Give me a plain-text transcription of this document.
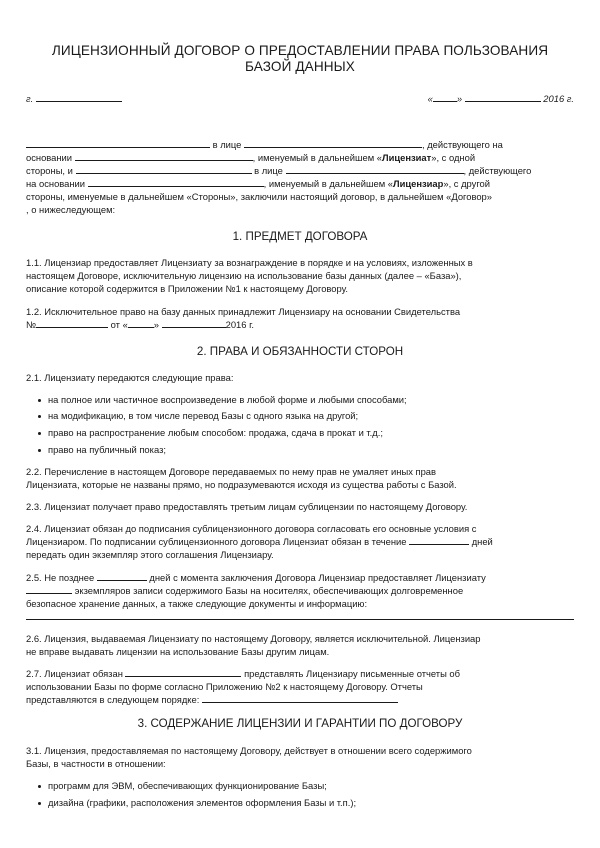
ЛИЦЕНЗИОННЫЙ ДОГОВОР О ПРЕДОСТАВЛЕНИИ ПРАВА ПОЛЬЗОВАНИЯ
БАЗОЙ ДАННЫХ
г.	«	»	2016 г.
в лице	, действующего на
основании	, именуемый в дальнейшем «Лицензиат», с одной
стороны, и	в лице	, действующего
на основании	, именуемый в дальнейшем «Лицензиар», с другой
стороны, именуемые в дальнейшем «Стороны», заключили настоящий договор, в дальнейшем «Договор»
, о нижеследующем:
1. ПРЕДМЕТ ДОГОВОРА
1.1. Лицензиар предоставляет Лицензиату за вознаграждение в порядке и на условиях, изложенных в
настоящем Договоре, исключительную лицензию на использование базы данных (далее – «База»),
описание которой содержится в Приложении №1 к настоящему Договору.
1.2. Исключительное право на базу данных принадлежит Лицензиару на основании Свидетельства
№	от «	»	2016 г.
2. ПРАВА И ОБЯЗАННОСТИ СТОРОН
2.1. Лицензиату передаются следующие права:
на полное или частичное воспроизведение в любой форме и любыми способами;
на модификацию, в том числе перевод Базы с одного языка на другой;
право на распространение любым способом: продажа, сдача в прокат и т.д.;
право на публичный показ;
2.2. Перечисление в настоящем Договоре передаваемых по нему прав не умаляет иных прав
Лицензиата, которые не названы прямо, но подразумеваются исходя из существа работы с Базой.
2.3. Лицензиат получает право предоставлять третьим лицам сублицензии по настоящему Договору.
2.4. Лицензиат обязан до подписания сублицензионного договора согласовать его основные условия с
Лицензиаром. По подписании сублицензионного договора Лицензиат обязан в течение	дней
передать один экземпляр этого соглашения Лицензиару.
2.5. Не позднее	дней с момента заключения Договора Лицензиар предоставляет Лицензиату
экземпляров записи содержимого Базы на носителях, обеспечивающих долговременное
безопасное хранение данных, а также следующие документы и информацию:
2.6. Лицензия, выдаваемая Лицензиату по настоящему Договору, является исключительной. Лицензиар
не вправе выдавать лицензии на использование Базы другим лицам.
2.7. Лицензиат обязан	представлять Лицензиару письменные отчеты об
использовании Базы по форме согласно Приложению №2 к настоящему Договору. Отчеты
представляются в следующем порядке:
3. СОДЕРЖАНИЕ ЛИЦЕНЗИИ И ГАРАНТИИ ПО ДОГОВОРУ
3.1. Лицензия, предоставляемая по настоящему Договору, действует в отношении всего содержимого
Базы, в частности в отношении:
программ для ЭВМ, обеспечивающих функционирование Базы;
дизайна (графики, расположения элементов оформления Базы и т.п.);
